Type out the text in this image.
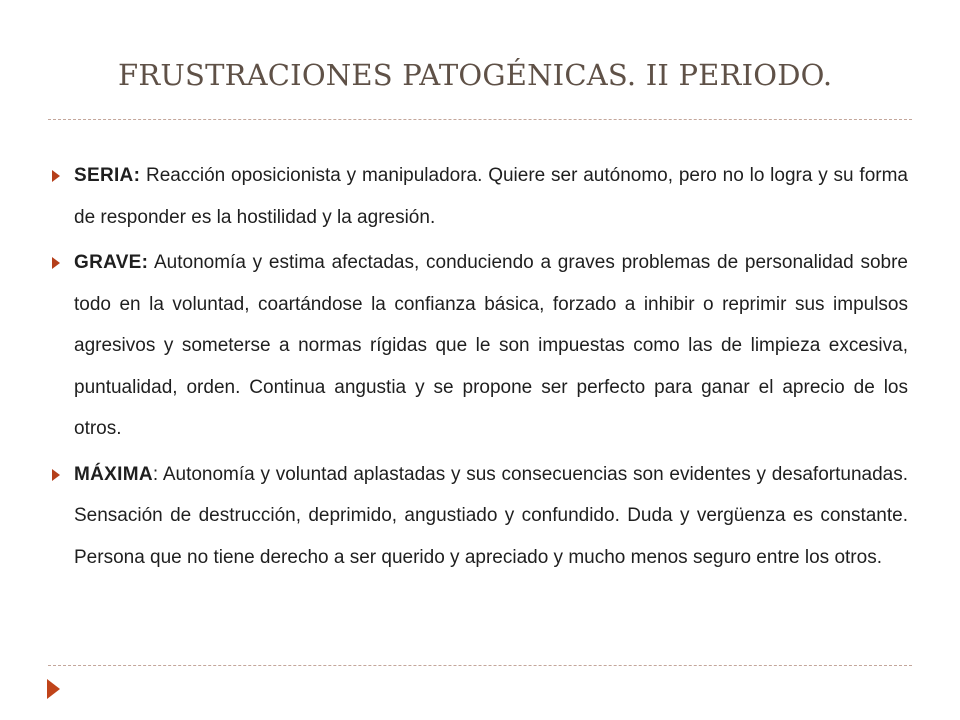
FRUSTRACIONES PATOGÉNICAS. II PERIODO.
SERIA: Reacción oposicionista y manipuladora. Quiere ser autónomo, pero no lo logra y su forma de responder es la hostilidad y la agresión.
GRAVE: Autonomía y estima afectadas, conduciendo a graves problemas de personalidad sobre todo en la voluntad, coartándose la confianza básica, forzado a inhibir o reprimir sus impulsos agresivos y someterse a normas rígidas que le son impuestas como las de limpieza excesiva, puntualidad, orden. Continua angustia y se propone ser perfecto para ganar el aprecio de los otros.
MÁXIMA: Autonomía y voluntad aplastadas y sus consecuencias son evidentes y desafortunadas. Sensación de destrucción, deprimido, angustiado y confundido. Duda y vergüenza es constante. Persona que no tiene derecho a ser querido y apreciado y mucho menos seguro entre los otros.
